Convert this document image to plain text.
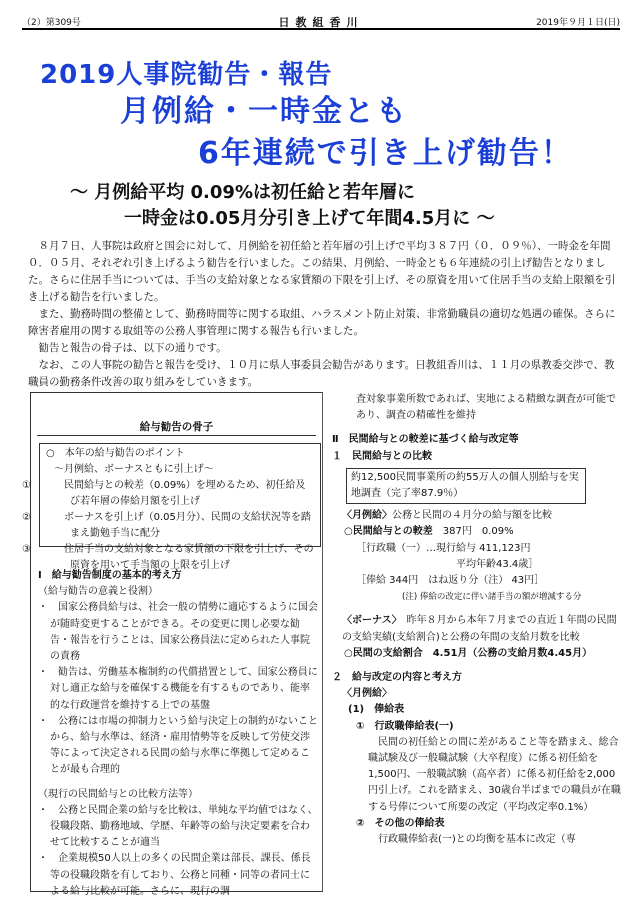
（2）第309号	日教組香川	2019年９月１日(日)
2019人事院勧告・報告
月例給・一時金とも
6年連続で引き上げ勧告！
～ 月例給平均 0.09%は初任給と若年層に
一時金は0.05月分引き上げて年間4.5月に ～

８月７日、人事院は政府と国会に対して、月例給を初任給と若年層の引上げで平均３８７円（０．０９％）、一時金を年間０．０５月、それぞれ引き上げるよう勧告を行いました。この結果、月例給、一時金とも６年連続の引上げ勧告となりました。さらに住居手当については、手当の支給対象となる家賃額の下限を引上げ、その原資を用いて住居手当の支給上限額を引き上げる勧告を行いました。

また、勤務時間の整備として、勤務時間等に関する取組、ハラスメント防止対策、非常勤職員の適切な処遇の確保。さらに障害者雇用の関する取組等の公務人事管理に関する報告も行いました。

勧告と報告の骨子は、以下の通りです。

なお、この人事院の勧告と報告を受け、１０月に県人事委員会勧告があります。日教組香川は、１１月の県教委交渉で、教職員の勤務条件改善の取り組みをしていきます。

給与勧告の骨子
○　本年の給与勧告のポイント
～月例給、ボーナスともに引上げ～
①	民間給与との較差（0.09%）を埋めるため、初任給及び若年層の俸給月額を引上げ
②	ボーナスを引上げ（0.05月分）、民間の支給状況等を踏まえ勤勉手当に配分
③	住居手当の支給対象となる家賃額の下限を引上げ、その原資を用いて手当額の上限を引上げ
Ⅰ　給与勧告制度の基本的考え方
（給与勧告の意義と役割）
・　国家公務員給与は、社会一般の情勢に適応するように国会が随時変更することができる。その変更に関し必要な勧告・報告を行うことは、国家公務員法に定められた人事院の責務
・　勧告は、労働基本権制約の代償措置として、国家公務員に対し適正な給与を確保する機能を有するものであり、能率的な行政運営を維持する上での基盤
・　公務には市場の抑制力という給与決定上の制約がないことから、給与水準は、経済・雇用情勢等を反映して労使交渉等によって決定される民間の給与水準に準拠して定めることが最も合理的
（現行の民間給与との比較方法等）
・　公務と民間企業の給与を比較は、単純な平均値ではなく、役職段階、勤務地域、学歴、年齢等の給与決定要素を合わせて比較することが適当
・　企業規模50人以上の多くの民間企業は部長、課長、係長等の役職段階を有しており、公務と同種・同等の者同士による給与比較が可能。さらに、現行の調
査対象事業所数であれば、実地による精緻な調査が可能であり、調査の精確性を維持
Ⅱ　民間給与との較差に基づく給与改定等
１　民間給与との比較
約12,500民間事業所の約55万人の個人別給与を実地調査（完了率87.9％）
〈月例給〉公務と民間の４月分の給与額を比較
○民間給与との較差　 387円　0.09%
［行政職（一）…現行給与 411,123円
平均年齢43.4歳］
［俸給 344円　はね返り分（注） 43円］
(注) 俸給の改定に伴い諸手当の額が増減する分
〈ボーナス〉　 昨年８月から本年７月までの直近１年間の民間の支給実績(支給割合)と公務の年間の支給月数を比較
○民間の支給割合　4.51月（公務の支給月数4.45月）
２　給与改定の内容と考え方
〈月例給〉
(1)　俸給表
①　行政職俸給表(一)
民間の初任給との間に差があること等を踏まえ、総合職試験及び一般職試験（大卒程度）に係る初任給を1,500円、一般職試験（高卒者）に係る初任給を2,000円引上げ。これを踏まえ、30歳台半ばまでの職員が在職する号俸について所要の改定（平均改定率0.1%）
②　その他の俸給表
行政職俸給表(一)との均衡を基本に改定（専
